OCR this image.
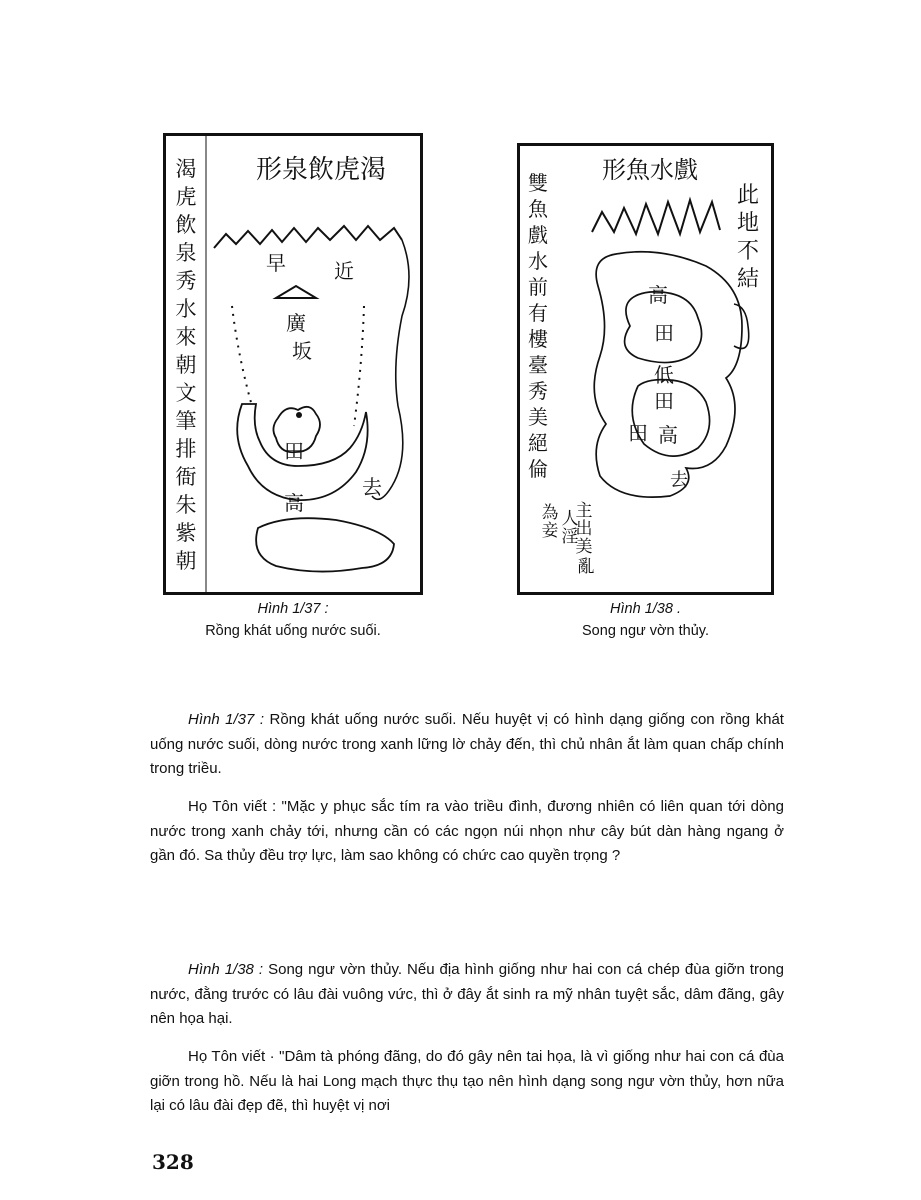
形泉飲虎渴
渴虎飲泉秀水來朝文筆排衙朱紫朝
早 近
廣
坂
田
高
去
Hình 1/37 :
Rồng khát uống nước suối.
形魚水戲
雙魚戲水前有樓臺秀美絕倫
此地不結
主出美人淫亂為妾
高
田
低
田
田 高
去
Hình 1/38 .
Song ngư vờn thủy.

Hình 1/37 : Rồng khát uống nước suối. Nếu huyệt vị có hình dạng giống con rồng khát uống nước suối, dòng nước trong xanh lững lờ chảy đến, thì chủ nhân ắt làm quan chấp chính trong triều.

Họ Tôn viết : "Mặc y phục sắc tím ra vào triều đình, đương nhiên có liên quan tới dòng nước trong xanh chảy tới, nhưng cần có các ngọn núi nhọn như cây bút dàn hàng ngang ở gần đó. Sa thủy đều trợ lực, làm sao không có chức cao quyền trọng ?

Hình 1/38 : Song ngư vờn thủy. Nếu địa hình giống như hai con cá chép đùa giỡn trong nước, đằng trước có lâu đài vuông vức, thì ở đây ắt sinh ra mỹ nhân tuyệt sắc, dâm đãng, gây nên họa hại.

Họ Tôn viết · "Dâm tà phóng đãng, do đó gây nên tai họa, là vì giống như hai con cá đùa giỡn trong hồ. Nếu là hai Long mạch thực thụ tạo nên hình dạng song ngư vờn thủy, hơn nữa lại có lâu đài đẹp đẽ, thì huyệt vị nơi

328
